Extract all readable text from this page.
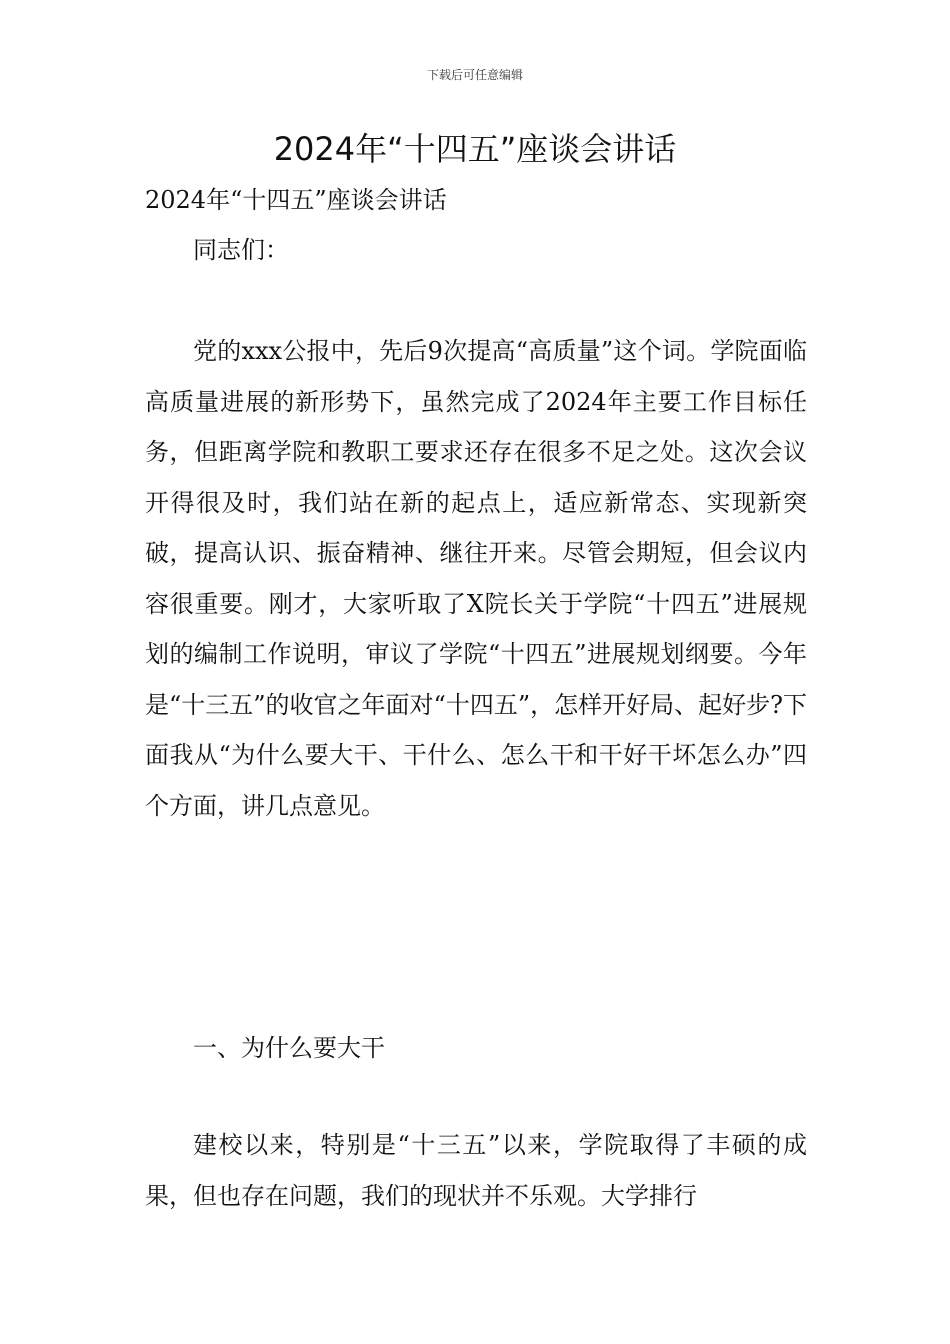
下载后可任意编辑
2024年“十四五”座谈会讲话
2024年“十四五”座谈会讲话
同志们：

党的xxx公报中，先后9次提高“高质量”这个词。学院面临高质量进展的新形势下，虽然完成了2024年主要工作目标任务，但距离学院和教职工要求还存在很多不足之处。这次会议开得很及时，我们站在新的起点上，适应新常态、实现新突破，提高认识、振奋精神、继往开来。尽管会期短，但会议内容很重要。刚才，大家听取了X院长关于学院“十四五”进展规划的编制工作说明，审议了学院“十四五”进展规划纲要。今年是“十三五”的收官之年面对“十四五”，怎样开好局、起好步?下面我从“为什么要大干、干什么、怎么干和干好干坏怎么办”四个方面，讲几点意见。

一、为什么要大干

建校以来，特别是“十三五”以来，学院取得了丰硕的成果，但也存在问题，我们的现状并不乐观。大学排行
